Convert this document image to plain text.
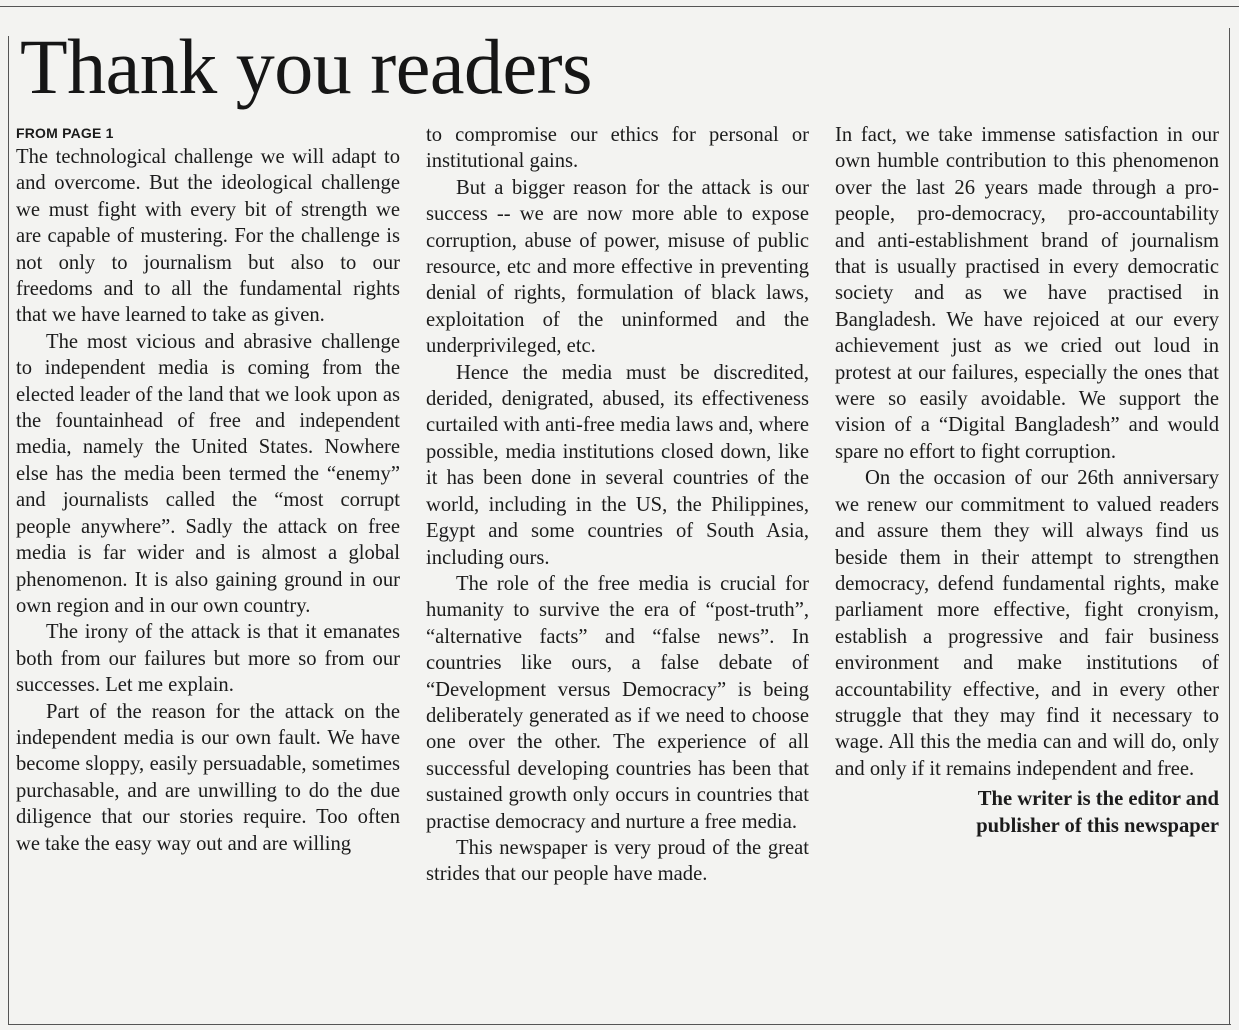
Thank you readers
FROM PAGE 1

The technological challenge we will adapt to and overcome. But the ideological challenge we must fight with every bit of strength we are capable of mustering. For the challenge is not only to journalism but also to our freedoms and to all the fundamental rights that we have learned to take as given.

The most vicious and abrasive challenge to independent media is coming from the elected leader of the land that we look upon as the fountainhead of free and independent media, namely the United States. Nowhere else has the media been termed the “enemy” and journalists called the “most corrupt people anywhere”. Sadly the attack on free media is far wider and is almost a global phenomenon. It is also gaining ground in our own region and in our own country.

The irony of the attack is that it emanates both from our failures but more so from our successes. Let me explain.

Part of the reason for the attack on the independent media is our own fault. We have become sloppy, easily persuadable, sometimes purchasable, and are unwilling to do the due diligence that our stories require. Too often we take the easy way out and are willing

to compromise our ethics for personal or institutional gains.

But a bigger reason for the attack is our success -- we are now more able to expose corruption, abuse of power, misuse of public resource, etc and more effective in preventing denial of rights, formulation of black laws, exploitation of the uninformed and the underprivileged, etc.

Hence the media must be discredited, derided, denigrated, abused, its effectiveness curtailed with anti-free media laws and, where possible, media institutions closed down, like it has been done in several countries of the world, including in the US, the Philippines, Egypt and some countries of South Asia, including ours.

The role of the free media is crucial for humanity to survive the era of “post-truth”, “alternative facts” and “false news”. In countries like ours, a false debate of “Development versus Democracy” is being deliberately generated as if we need to choose one over the other. The experience of all successful developing countries has been that sustained growth only occurs in countries that practise democracy and nurture a free media.

This newspaper is very proud of the great strides that our people have made.

In fact, we take immense satisfaction in our own humble contribution to this phenomenon over the last 26 years made through a pro-people, pro-democracy, pro-accountability and anti-establishment brand of journalism that is usually practised in every democratic society and as we have practised in Bangladesh. We have rejoiced at our every achievement just as we cried out loud in protest at our failures, especially the ones that were so easily avoidable. We support the vision of a “Digital Bangladesh” and would spare no effort to fight corruption.

On the occasion of our 26th anniversary we renew our commitment to valued readers and assure them they will always find us beside them in their attempt to strengthen democracy, defend fundamental rights, make parliament more effective, fight cronyism, establish a progressive and fair business environment and make institutions of accountability effective, and in every other struggle that they may find it necessary to wage. All this the media can and will do, only and only if it remains independent and free.

The writer is the editor and
publisher of this newspaper
